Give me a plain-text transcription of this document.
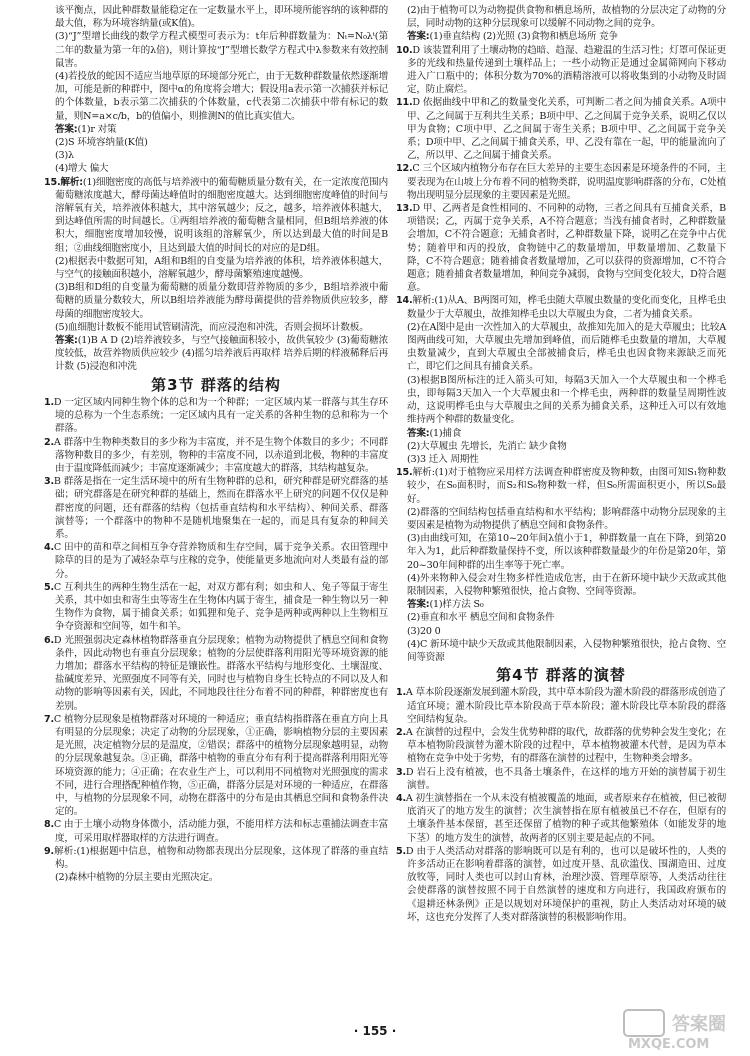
该平衡点，因此种群数量能稳定在一定数量水平上，即环境所能容纳的该种群的最大值，称为环境容纳量(或K值)。

(3)“J”型增长曲线的数学方程式模型可表示为：t年后种群数量为：Nₜ=N₀λᵗ(第二年的数量为第一年的λ倍)，则计算按“J”型增长数学方程式中λ参数来有效控制鼠害。

(4)若投放的蛇因不适应当地草原的环境部分死亡，由于无数种群数量依然逐渐增加，可能是新的种群中，图中α的角度将会增大；假设用a表示第一次捕获并标记的个体数量，b表示第二次捕获的个体数量，c代表第二次捕获中带有标记的数量，则N=a×c/b，b的值偏小，则推测N的值比真实值大。

答案:(1)r 对策

(2)S 环境容纳量(K值)

(3)λ

(4)增大 偏大

15.解析:(1)细胞密度的高低与培养液中的葡萄糖质量分数有关，在一定浓度范围内葡萄糖浓度越大，酵母菌达峰值时的细胞密度越大。达到细胞密度峰值的时间与溶解氧有关，培养液体积越大，其中溶氧越少；反之，越多，培养液体积越大，到达峰值所需的时间越长。①两组培养液的葡萄糖含量相同，但B组培养液的体积大，细胞密度增加较慢，说明该组的溶解氧少，所以达到最大值的时间是B组；②曲线细胞密度小，且达到最大值的时间长的对应的是D组。

(2)根据表中数据可知，A组和B组的自变量为培养液的体积，培养液体积越大，与空气的接触面积越小，溶解氧越少，酵母菌繁殖速度越慢。

(3)B组和D组的自变量为葡萄糖的质量分数即营养物质的多少，B组培养液中葡萄糖的质量分数较大，所以B组培养液能为酵母菌提供的营养物质供应较多，酵母菌的细胞密度较大。

(5)血细胞计数板不能用试管刷清洗，而应浸泡和冲洗，否则会损坏计数板。

答案:(1)B A D (2)培养液较多，与空气接触面积较小，故供氧较少 (3)葡萄糖浓度较低，故营养物质供应较少 (4)摇匀培养液后再取样 培养后期的样液稀释后再计数 (5)浸泡和冲洗

第3节 群落的结构

1.D 一定区域内同种生物个体的总和为一个种群；一定区域内某一群落与其生存环境的总称为一个生态系统；一定区域内具有一定关系的各种生物的总和称为一个群落。

2.A 群落中生物种类数目的多少称为丰富度，并不是生物个体数目的多少；不同群落物种数目的多少，有差别，物种的丰富度不同，以赤道到北极，物种的丰富度由于温度降低而减少；丰富度逐渐减少；丰富度越大的群落，其结构越复杂。

3.B 群落是指在一定生活环境中的所有生物种群的总和，研究种群是研究群落的基础；研究群落是在研究种群的基础上，然而在群落水平上研究的问题不仅仅是种群密度的问题，还有群落的结构（包括垂直结构和水平结构）、种间关系、群落演替等；一个群落中的物种不是随机地聚集在一起的，而是具有复杂的种间关系。

4.C 田中的苗和草之间相互争夺营养物质和生存空间，属于竞争关系。农田管理中除草的目的是为了减轻杂草与庄稼的竞争，使能量更多地流向对人类最有益的部分。

5.C 互利共生的两种生物生活在一起，对双方都有利；如虫和人、兔子等鼠于寄生关系，其中如虫和寄生虫等寄生在生物体内属于寄生，捕食是一种生物以另一种生物作为食物，属于捕食关系；如狐狸和兔子、竞争是两种或两种以上生物相互争夺资源和空间等，如牛和羊。

6.D 光照强弱决定森林植物群落垂直分层现象；植物为动物提供了栖息空间和食物条件，因此动物也有垂直分层现象；植物的分层使群落利用阳光等环境资源的能力增加；群落水平结构的特征是镶嵌性。群落水平结构与地形变化、土壤湿度、盐碱度差异、光照强度不同等有关，同时也与植物自身生长特点的不同以及人和动物的影响等因素有关，因此，不同地段往往分布着不同的种群，种群密度也有差别。

7.C 植物分层现象是植物群落对环境的一种适应；垂直结构指群落在垂直方向上具有明显的分层现象；决定了动物的分层现象，①正确，影响植物分层的主要因素是光照，决定植物分层的是温度，②错误；群落中的植物分层现象越明显，动物的分层现象越复杂。③正确，群落中植物的垂直分布有利于提高群落利用阳光等环境资源的能力；④正确；在农业生产上，可以利用不同植物对光照强度的需求不同，进行合理搭配种植作物，⑤正确，群落分层是对环境的一种适应，在群落中，与植物的分层现象不同，动物在群落中的分布是由其栖息空间和食物条件决定的。

8.C 由于土壤小动物身体微小，活动能力强，不能用样方法和标志重捕法调查丰富度，可采用取样器取样的方法进行调查。

9.解析:(1)根据题中信息，植物和动物都表现出分层现象，这体现了群落的垂直结构。

(2)森林中植物的分层主要由光照决定。

(2)由于植物可以为动物提供食物和栖息场所，故植物的分层决定了动物的分层，同时动物的这种分层现象可以缓解不同动物之间的竞争。

答案:(1)垂直结构 (2)光照 (3)食物和栖息场所 竞争

10.D 该装置利用了土壤动物的趋暗、趋湿、趋避温的生活习性；灯罩可保证更多的光线和热量传递到土壤样品上；一些小动物正是通过金属筛网向下移动进入广口瓶中的；体积分数为70%的酒精溶液可以将收集到的小动物及时固定，防止腐烂。

11.D 依据曲线中甲和乙的数量变化关系，可判断二者之间为捕食关系。A项中甲、乙之间属于互利共生关系；B项中甲、乙之间属于竞争关系，说明乙仅以甲为食物；C项中甲、乙之间属于寄生关系；B项中甲、乙之间属于竞争关系；D项中甲、乙之间属于捕食关系，甲、乙没有靠在一起，甲的能量流向了乙，所以甲、乙之间属于捕食关系。

12.C 三个区域内植物分布存在巨大差异的主要生态因素是环境条件的不同，主要表现为在山坡上分布着不同的植物类群，说明温度影响群落的分布，C处植物出现明显分层现象的主要因素是光照。

13.D 甲、乙两者是食性相同的、不同种的动物，三者之间具有互捕食关系，B项错误；乙，丙属于竞争关系，A不符合题意；当浅有捕食者时，乙种群数量会增加，C不符合题意；无捕食者时，乙种群数量下降，说明乙在竞争中占优势；随着甲和丙的投放，食物链中乙的数量增加，甲数量增加、乙数量下降，C不符合题意；随着捕食者数量增加，乙可以获得的资源增加，C不符合题意；随着捕食者数量增加，种间竞争减弱，食物与空间变化较大，D符合题意。

14.解析:(1)从A、B两图可知，桦毛虫随大草履虫数量的变化而变化，且桦毛虫数量少于大草履虫，故推知桦毛虫以大草履虫为食，二者为捕食关系。

(2)在A图中是由一次性加入的大草履虫，故推知先加入的是大草履虫；比较A图两曲线可知，大草履虫先增加到峰值，而后随桦毛虫数量的增加，大草履虫数量减少，直到大草履虫全部被捕食后，桦毛虫也因食物来源缺乏而死亡，即它们之间具有捕食关系。

(3)根据B图所标注的迁入箭头可知，每隔3天加入一个大草履虫和一个桦毛虫，即每隔3天加入一个大草履虫和一个桦毛虫，两种群的数量呈周期性波动，这说明桦毛虫与大草履虫之间的关系为捕食关系，这种迁入可以有效地维持两个种群的数量变化。

答案:(1)捕食

(2)大草履虫 先增长，先消亡 缺少食物

(3)3 迁入 周期性

15.解析:(1)对于植物应采用样方法调查种群密度及物种数，由图可知S₁物种数较少，在S₀面积时，而S₂和S₀物种数一样，但S₀所需面积更小，所以S₀最好。

(2)群落的空间结构包括垂直结构和水平结构；影响群落中动物分层现象的主要因素是植物为动物提供了栖息空间和食物条件。

(3)由曲线可知，在第10~20年间λ值小于1，种群数量一直在下降，到第20年入为1，此后种群数量保持不变，所以该种群数量最少的年份是第20年，第20~30年间种群的出生率等于死亡率。

(4)外来物种入侵会对生物多样性造成危害，由于在新环境中缺少天敌或其他限制因素，入侵物种繁殖很快，抢占食物、空间等资源。

答案:(1)样方法 S₀

(2)垂直和水平 栖息空间和食物条件

(3)20 0

(4)C 新环境中缺少天敌或其他限制因素，入侵物种繁殖很快，抢占食物、空间等资源

第4节 群落的演替

1.A 草本阶段逐渐发展到灌木阶段，其中草本阶段为灌木阶段的群落形成创造了适宜环境；灌木阶段比草本阶段高于草本阶段；灌木阶段比草本阶段的群落空间结构复杂。

2.A 在演替的过程中，会发生优势种群的取代，故群落的优势种会发生变化；在草本植物阶段演替为灌木阶段的过程中，草本植物被灌木代替，是因为草本植物在竞争中处于劣势，有的群落在演替的过程中，生物种类会增多。

3.D 岩石上没有植被，也不具备土壤条件，在这样的地方开始的演替属于初生演替。

4.A 初生演替指在一个从未没有植被覆盖的地面，或者原来存在植被，但已被彻底消灭了的地方发生的演替；次生演替指在原有植被虽已不存在，但原有的土壤条件基本保留，甚至还保留了植物的种子或其他繁殖体（如能发芽的地下茎）的地方发生的演替，故两者的区别主要是起点的不同。

5.D 由于人类活动对群落的影响既可以是有利的，也可以是破坏性的，人类的许多活动正在影响着群落的演替，如过度开垦、乱砍滥伐、围湖造田、过度放牧等，同时人类也可以封山育林，治理沙漠、管理草原等，人类活动往往会使群落的演替按照不同于自然演替的速度和方向进行，我国政府颁布的《退耕还林条例》正是以规划对环境保护的重视，防止人类活动对环境的破坏，这也充分发挥了人类对群落演替的积极影响作用。

· 155 ·	答案圈
MXQE.COM
